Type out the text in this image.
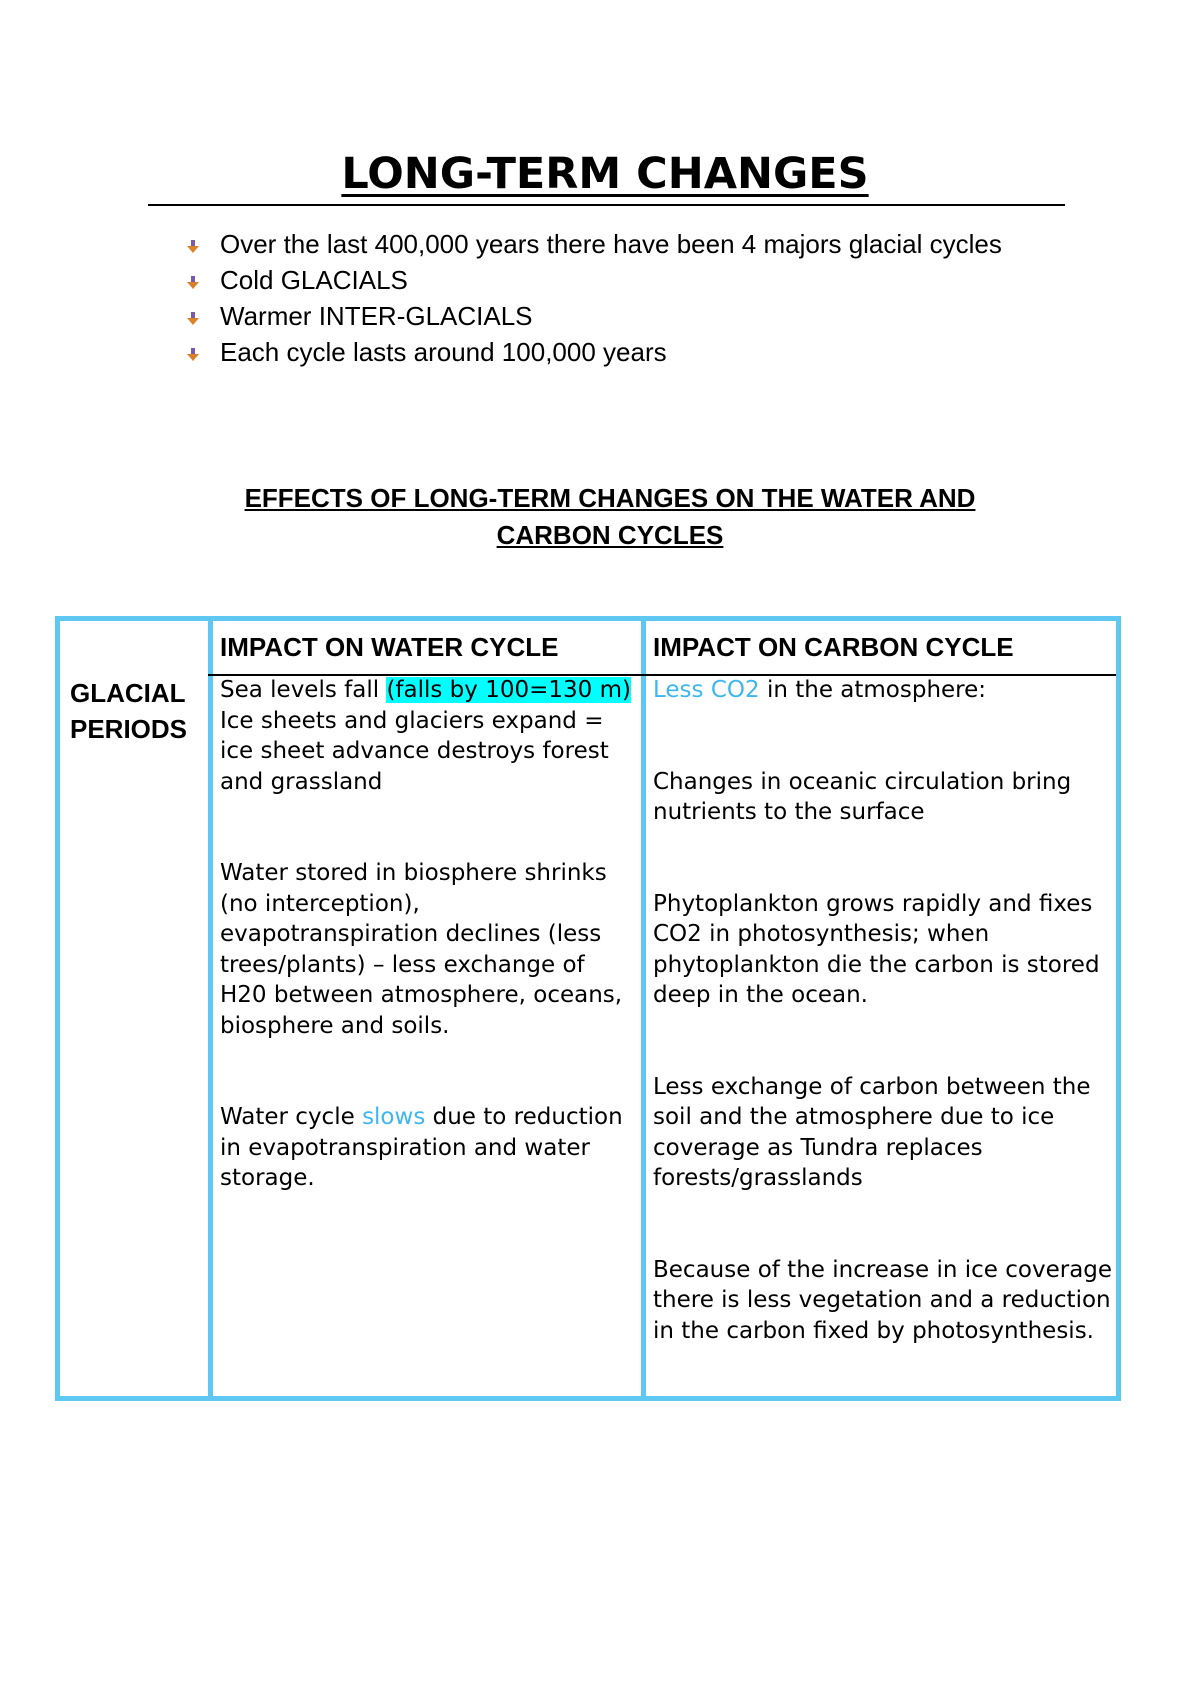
LONG-TERM CHANGES
Over the last 400,000 years there have been 4 majors glacial cycles
Cold GLACIALS
Warmer INTER-GLACIALS
Each cycle lasts around 100,000 years
EFFECTS OF LONG-TERM CHANGES ON THE WATER AND CARBON CYCLES
IMPACT ON WATER CYCLE	IMPACT ON CARBON CYCLE
GLACIAL PERIODS

Sea levels fall (falls by 100=130 m) Ice sheets and glaciers expand = ice sheet advance destroys forest and grassland

Water stored in biosphere shrinks (no interception), evapotranspiration declines (less trees/plants) – less exchange of H20 between atmosphere, oceans, biosphere and soils.

Water cycle slows due to reduction in evapotranspiration and water storage.

Less CO2 in the atmosphere:

Changes in oceanic circulation bring nutrients to the surface

Phytoplankton grows rapidly and fixes CO2 in photosynthesis; when phytoplankton die the carbon is stored deep in the ocean.

Less exchange of carbon between the soil and the atmosphere due to ice coverage as Tundra replaces forests/grasslands

Because of the increase in ice coverage there is less vegetation and a reduction in the carbon fixed by photosynthesis.
